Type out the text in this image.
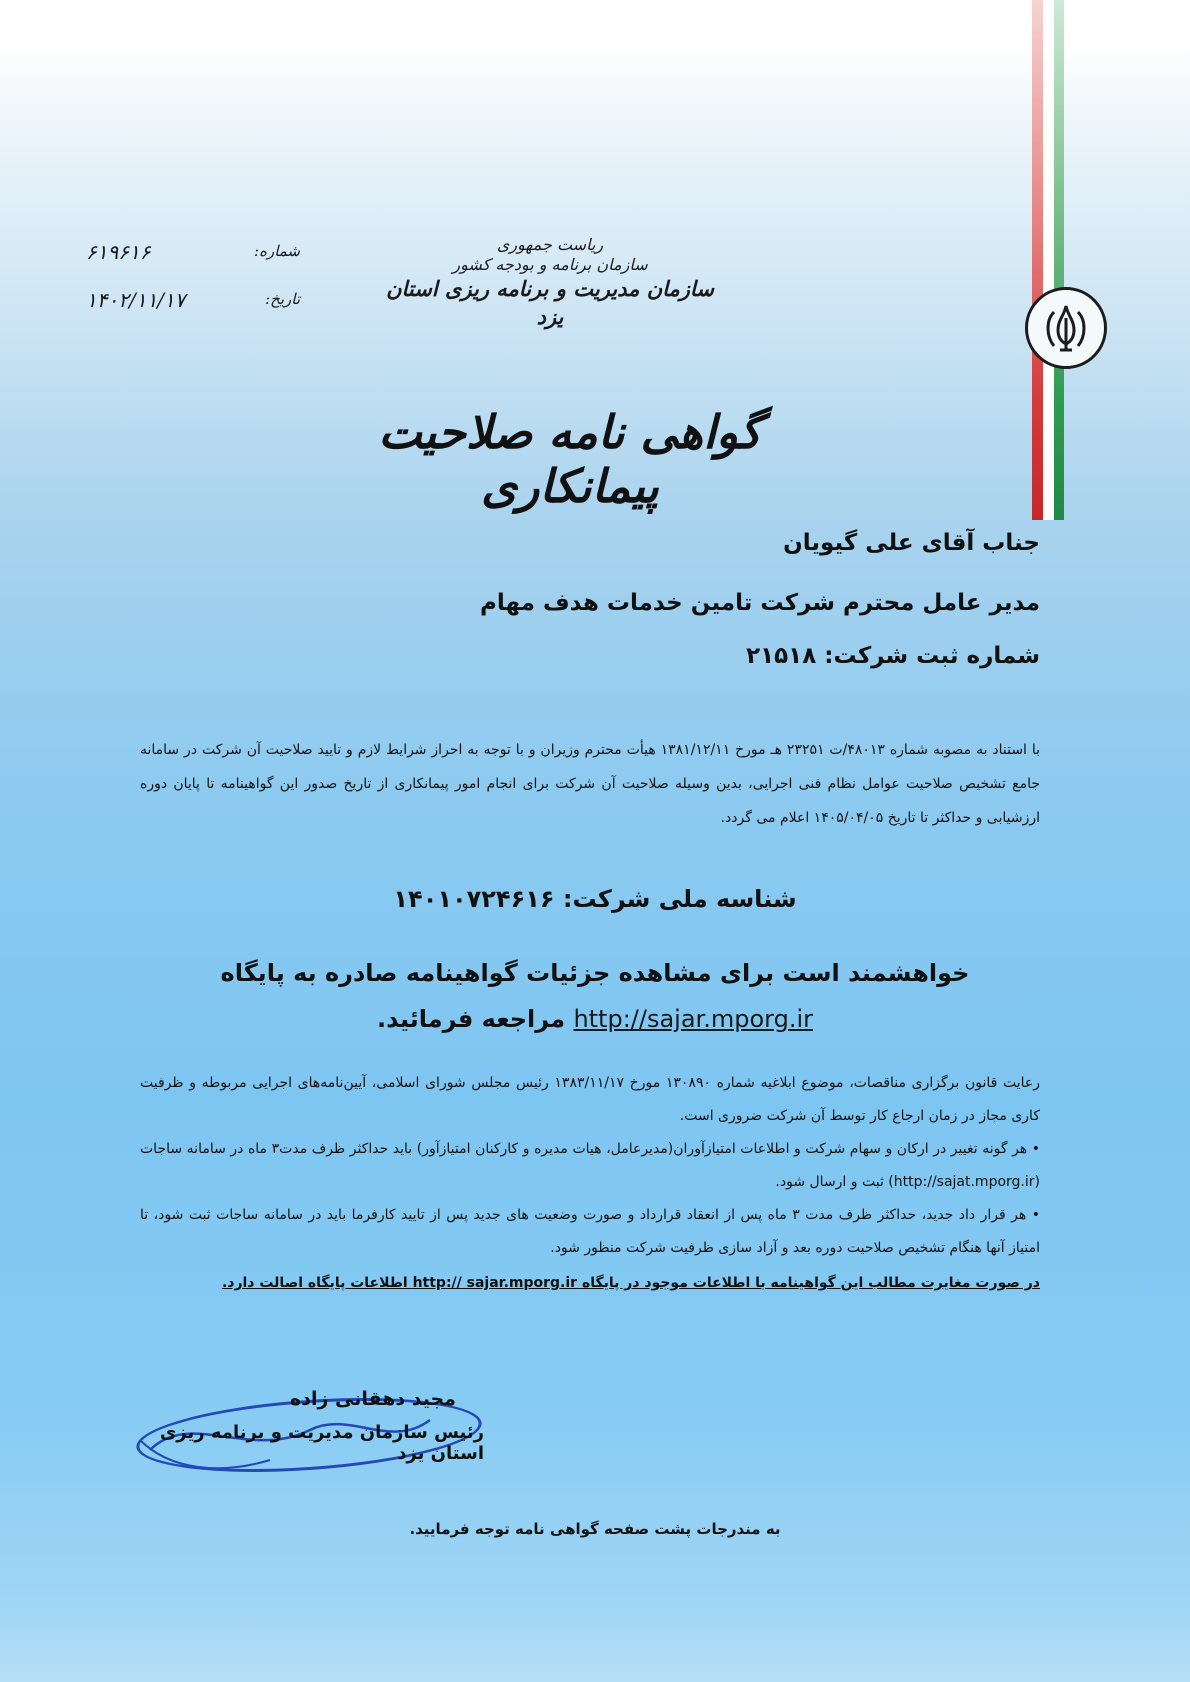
ریاست جمهوری
سازمان برنامه و بودجه کشور
سازمان مدیریت و برنامه ریزی استان یزد
شماره:
۶۱۹۶۱۶
تاریخ:
۱۴۰۲/۱۱/۱۷
گواهی نامه صلاحیت پیمانکاری
جناب آقای علی گیویان
مدیر عامل محترم شرکت تامین خدمات هدف مهام
شماره ثبت شرکت: ۲۱۵۱۸
با استناد به مصوبه شماره ۴۸۰۱۳/ت ۲۳۲۵۱ هـ مورخ ۱۳۸۱/۱۲/۱۱ هیأت محترم وزیران و با توجه به احراز شرایط لازم و تایید صلاحیت آن شرکت در سامانه جامع تشخیص صلاحیت عوامل نظام فنی اجرایی، بدین وسیله صلاحیت آن شرکت برای انجام امور پیمانکاری از تاریخ صدور این گواهینامه تا پایان دوره ارزشیابی و حداکثر تا تاریخ ۱۴۰۵/۰۴/۰۵ اعلام می گردد.
شناسه ملی شرکت: ۱۴۰۱۰۷۲۴۶۱۶
خواهشمند است برای مشاهده جزئیات گواهینامه صادره به پایگاه
http://sajar.mporg.ir مراجعه فرمائید.
رعایت قانون برگزاری مناقصات، موضوع ابلاغیه شماره ۱۳۰۸۹۰ مورخ ۱۳۸۳/۱۱/۱۷ رئیس مجلس شورای اسلامی، آیین‌نامه‌های اجرایی مربوطه و ظرفیت کاری مجاز در زمان ارجاع کار توسط آن شرکت ضروری است.
• هر گونه تغییر در ارکان و سهام شرکت و اطلاعات امتیازآوران(مدیرعامل، هیات مدیره و کارکنان امتیازآور) باید حداکثر ظرف مدت۳ ماه در سامانه ساجات (http://sajat.mporg.ir) ثبت و ارسال شود.
• هر قرار داد جدید، حداکثر ظرف مدت ۳ ماه پس از انعقاد قرارداد و صورت وضعیت های جدید پس از تایید کارفرما باید در سامانه ساجات ثبت شود، تا امتیاز آنها هنگام تشخیص صلاحیت دوره بعد و آزاد سازی ظرفیت شرکت منظور شود.
در صورت مغایرت مطالب این گواهینامه با اطلاعات موجود در پایگاه http:// sajar.mporg.ir اطلاعات پایگاه اصالت دارد.
مجید دهقانی زاده
رئیس سازمان مدیریت و برنامه ریزی استان یزد
به مندرجات پشت صفحه گواهی نامه توجه فرمایید.
